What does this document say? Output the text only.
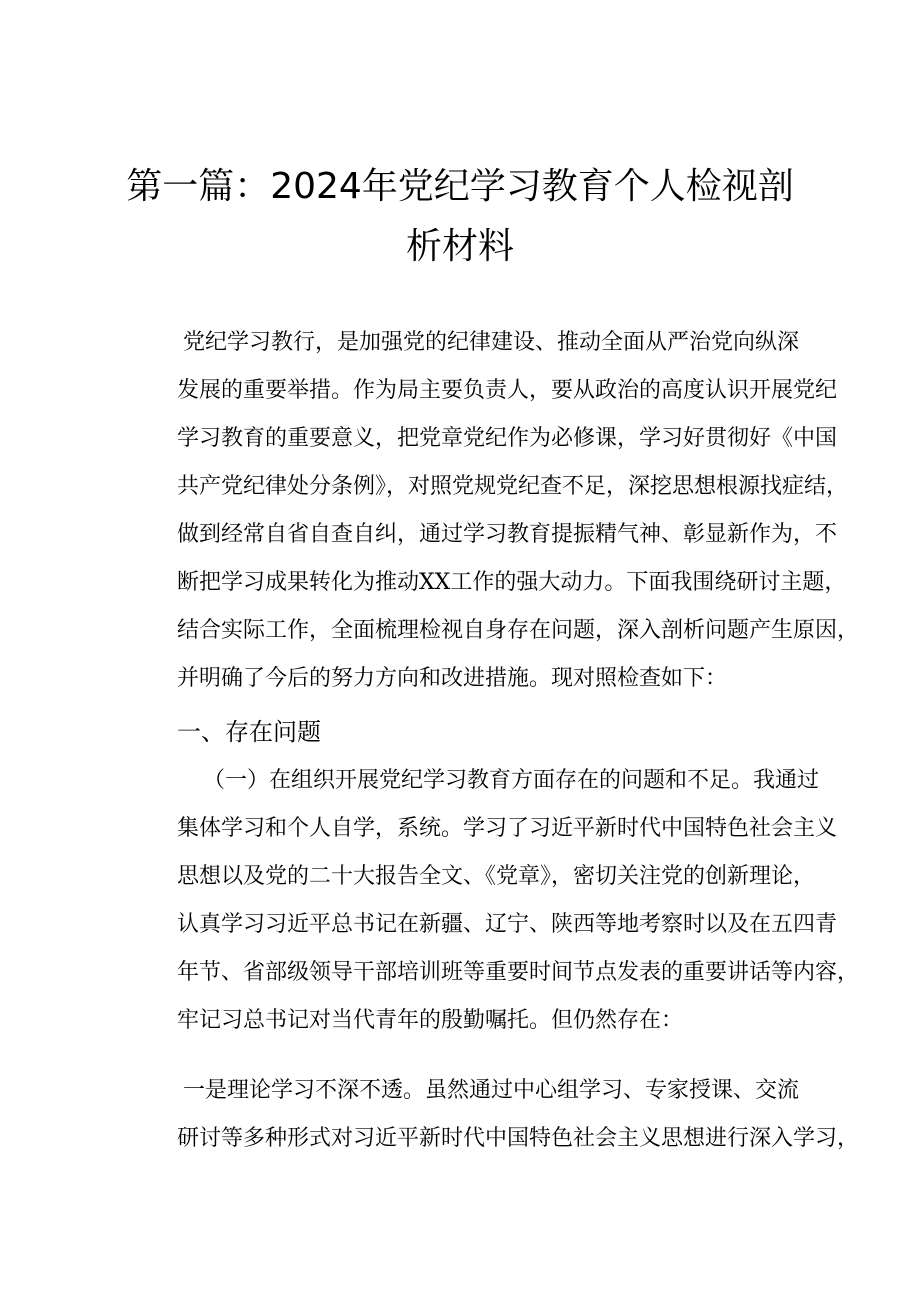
第一篇：2024年党纪学习教育个人检视剖
析材料
党纪学习教行，是加强党的纪律建设、推动全面从严治党向纵深
发展的重要举措。作为局主要负责人，要从政治的高度认识开展党纪
学习教育的重要意义，把党章党纪作为必修课，学习好贯彻好《中国
共产党纪律处分条例》，对照党规党纪查不足，深挖思想根源找症结，
做到经常自省自查自纠，通过学习教育提振精气神、彰显新作为，不
断把学习成果转化为推动XX工作的强大动力。下面我围绕研讨主题，
结合实际工作，全面梳理检视自身存在问题，深入剖析问题产生原因，
并明确了今后的努力方向和改进措施。现对照检查如下：
一、存在问题
（一）在组织开展党纪学习教育方面存在的问题和不足。我通过
集体学习和个人自学，系统。学习了习近平新时代中国特色社会主义
思想以及党的二十大报告全文、《党章》，密切关注党的创新理论，
认真学习习近平总书记在新疆、辽宁、陕西等地考察时以及在五四青
年节、省部级领导干部培训班等重要时间节点发表的重要讲话等内容，
牢记习总书记对当代青年的殷勤嘱托。但仍然存在：
一是理论学习不深不透。虽然通过中心组学习、专家授课、交流
研讨等多种形式对习近平新时代中国特色社会主义思想进行深入学习，
